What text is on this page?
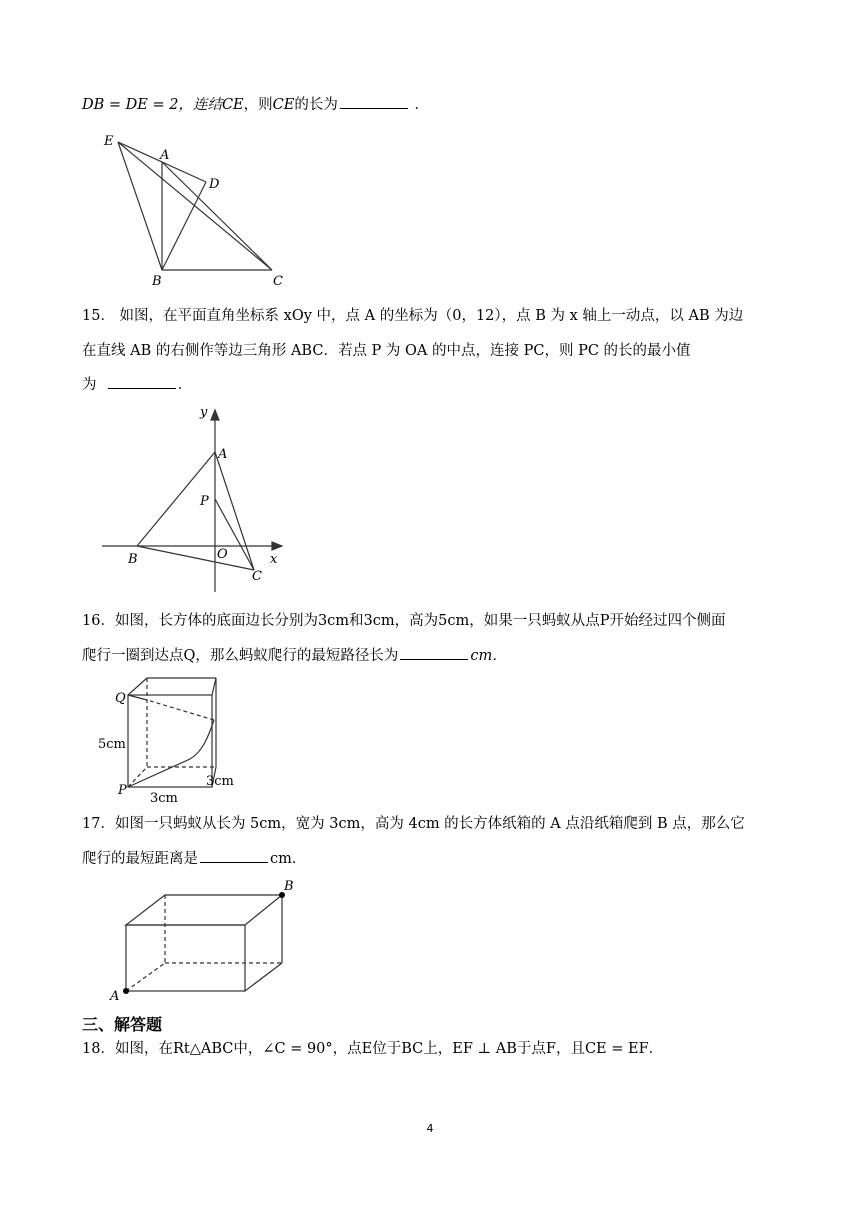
DB = DE = 2，连结CE，则CE的长为	．
E
A
D
B	C
15． 如图，在平面直角坐标系 xOy 中，点 A 的坐标为（0，12），点 B 为 x 轴上一动点，以 AB 为边
在直线 AB 的右侧作等边三角形 ABC．若点 P 为 OA 的中点，连接 PC，则 PC 的长的最小值
为	．
y
A
P
B	O
C
x
16．如图，长方体的底面边长分别为3cm和3cm，高为5cm，如果一只蚂蚁从点P开始经过四个侧面
爬行一圈到达点Q，那么蚂蚁爬行的最短路径长为	cm．
Q
P
5cm
3cm
3cm
17．如图一只蚂蚁从长为 5cm，宽为 3cm，高为 4cm 的长方体纸箱的 A 点沿纸箱爬到 B 点，那么它
爬行的最短距离是	cm．
A
B
三、解答题
18．如图，在Rt△ABC中，∠C = 90°，点E位于BC上，EF ⊥ AB于点F，且CE = EF．
4
